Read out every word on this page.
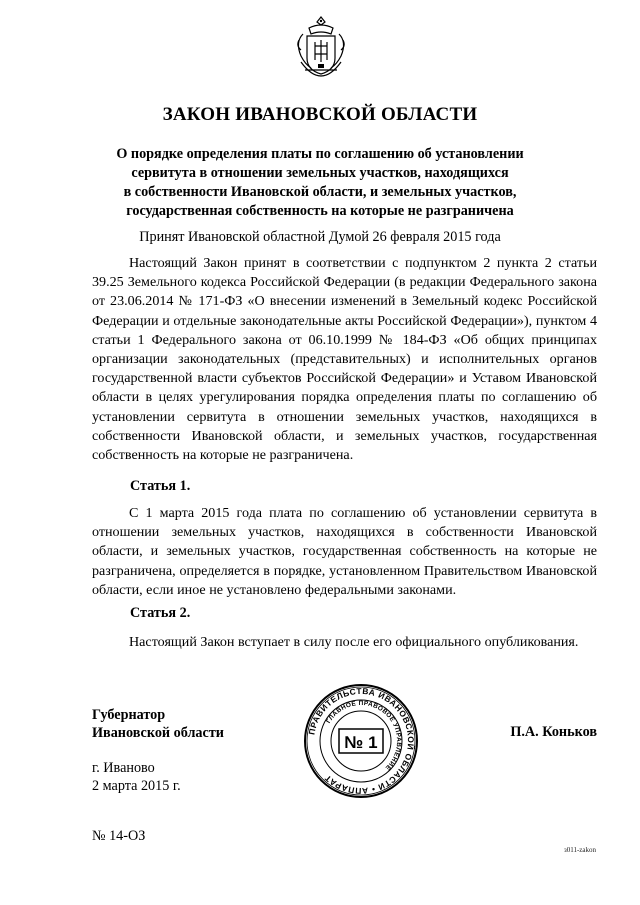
ЗАКОН ИВАНОВСКОЙ ОБЛАСТИ
О порядке определения платы по соглашению об установлении
сервитута в отношении земельных участков, находящихся
в собственности Ивановской области, и земельных участков,
государственная собственность на которые не разграничена
Принят Ивановской областной Думой 26 февраля 2015 года
Настоящий Закон принят в соответствии с подпунктом 2 пункта 2 статьи 39.25 Земельного кодекса Российской Федерации (в редакции Федерального закона от 23.06.2014 № 171-ФЗ «О внесении изменений в Земельный кодекс Российской Федерации и отдельные законодательные акты Российской Федерации»), пунктом 4 статьи 1 Федерального закона от 06.10.1999 № 184-ФЗ «Об общих принципах организации законодательных (представительных) и исполнительных органов государственной власти субъектов Российской Федерации» и Уставом Ивановской области в целях урегулирования порядка определения платы по соглашению об установлении сервитута в отношении земельных участков, находящихся в собственности Ивановской области, и земельных участков, государственная собственность на которые не разграничена.
Статья 1.
С 1 марта 2015 года плата по соглашению об установлении сервитута в отношении земельных участков, находящихся в собственности Ивановской области, и земельных участков, государственная собственность на которые не разграничена, определяется в порядке, установленном Правительством Ивановской области, если иное не установлено федеральными законами.
Статья 2.
Настоящий Закон вступает в силу после его официального опубликования.
Губернатор
Ивановской области	П.А. Коньков
ПРАВИТЕЛЬСТВА ИВАНОВСКОЙ ОБЛАСТИ • АППАРАТ
ГЛАВНОЕ ПРАВОВОЕ УПРАВЛЕНИЕ
№ 1
г. Иваново
2 марта 2015 г.
№ 14-ОЗ
з011-zakon
